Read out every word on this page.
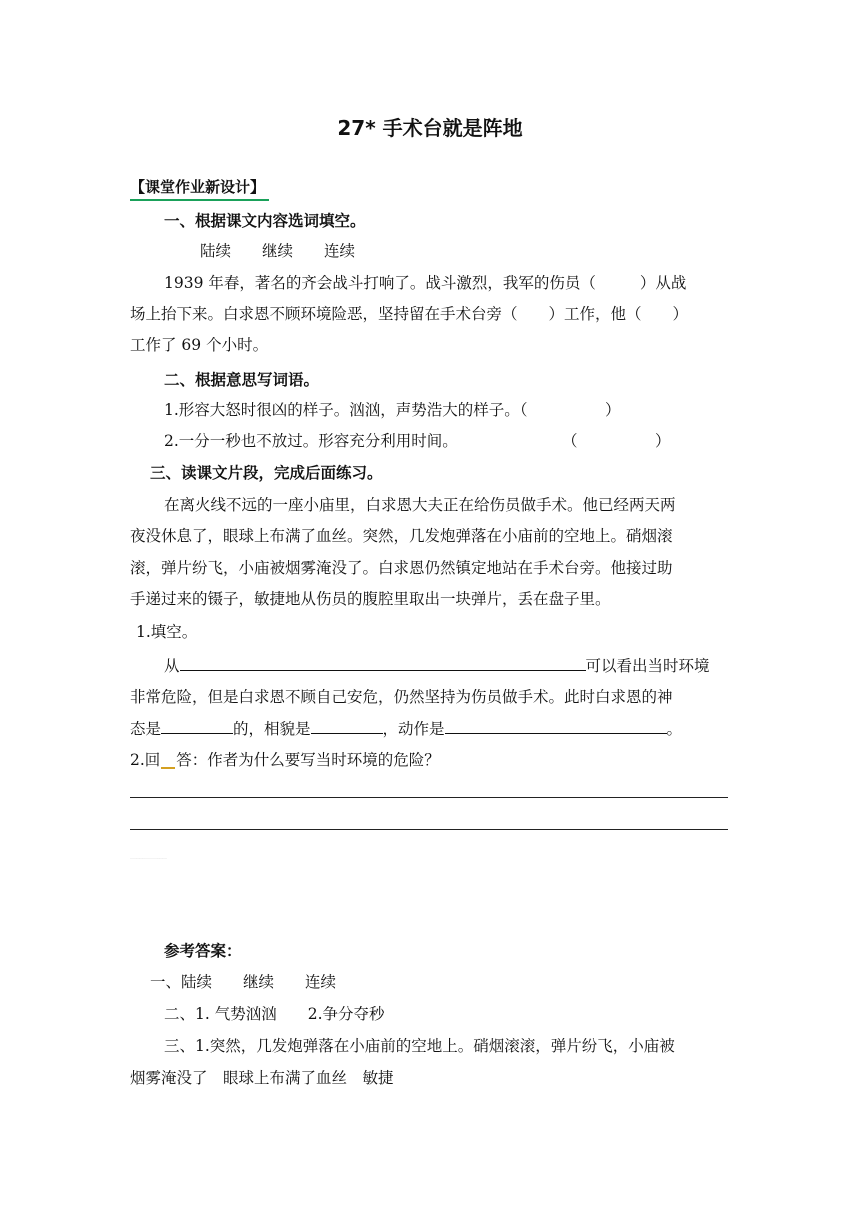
27* 手术台就是阵地
【课堂作业新设计】
一、根据课文内容选词填空。
陆续　　继续　　连续
1939 年春，著名的齐会战斗打响了。战斗激烈，我军的伤员（	）从战
场上抬下来。白求恩不顾环境险恶，坚持留在手术台旁（　　）工作，他（　　）
工作了 69 个小时。
二、根据意思写词语。
1.形容大怒时很凶的样子。汹汹，声势浩大的样子。（　　　　　）
2.一分一秒也不放过。形容充分利用时间。	（　　　　　）
三、读课文片段，完成后面练习。
在离火线不远的一座小庙里，白求恩大夫正在给伤员做手术。他已经两天两
夜没休息了，眼球上布满了血丝。突然，几发炮弹落在小庙前的空地上。硝烟滚
滚，弹片纷飞，小庙被烟雾淹没了。白求恩仍然镇定地站在手术台旁。他接过助
手递过来的镊子，敏捷地从伤员的腹腔里取出一块弹片，丢在盘子里。
1.填空。
从	可以看出当时环境
非常危险，但是白求恩不顾自己安危，仍然坚持为伤员做手术。此时白求恩的神
态是	的，相貌是	，动作是	。
2.回 答：作者为什么要写当时环境的危险？
·······································
参考答案：
一、陆续　　继续　　连续
二、1. 气势汹汹　　2.争分夺秒
三、1.突然，几发炮弹落在小庙前的空地上。硝烟滚滚，弹片纷飞，小庙被
烟雾淹没了　眼球上布满了血丝　敏捷
